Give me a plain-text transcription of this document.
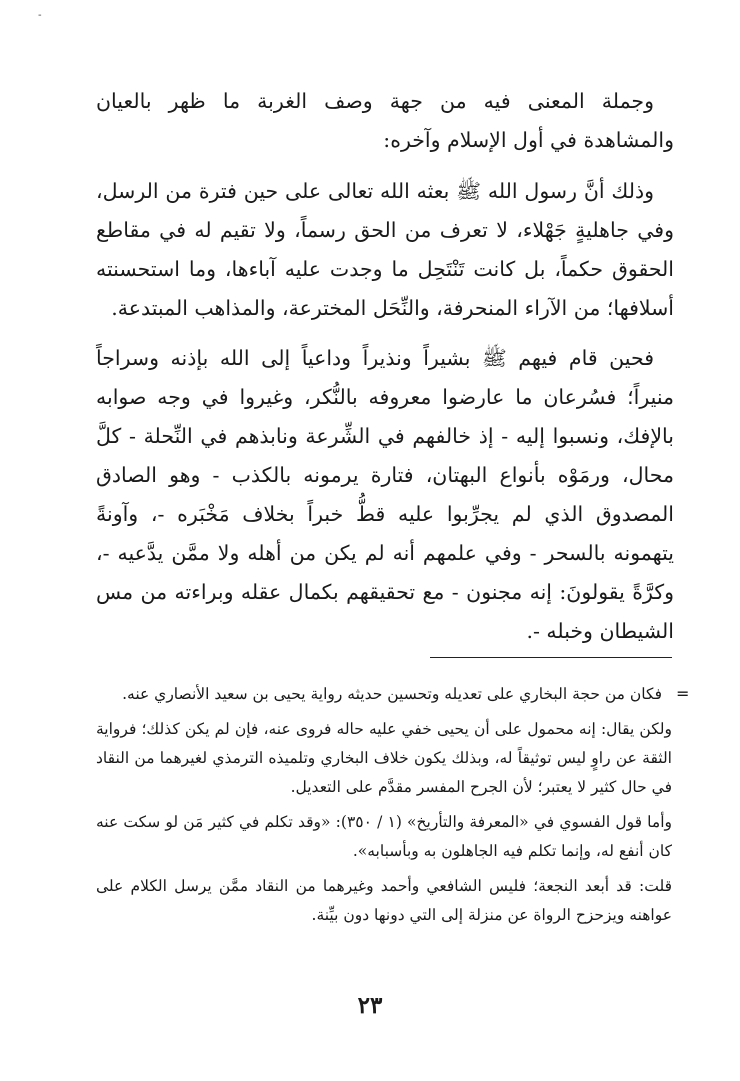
-

وجملة المعنى فيه من جهة وصف الغربة ما ظهر بالعيان والمشاهدة في أول الإسلام وآخره:

وذلك أنَّ رسول الله ﷺ بعثه الله تعالى على حين فترة من الرسل، وفي جاهليةٍ جَهْلاء، لا تعرف من الحق رسماً، ولا تقيم له في مقاطع الحقوق حكماً، بل كانت تَنْتَحِل ما وجدت عليه آباءها، وما استحسنته أسلافها؛ من الآراء المنحرفة، والنِّحَل المخترعة، والمذاهب المبتدعة.

فحين قام فيهم ﷺ بشيراً ونذيراً وداعياً إلى الله بإذنه وسراجاً منيراً؛ فسُرعان ما عارضوا معروفه بالنُّكر، وغيروا في وجه صوابه بالإفك، ونسبوا إليه - إذ خالفهم في الشِّرعة ونابذهم في النِّحلة - كلَّ محال، ورمَوْه بأنواع البهتان، فتارة يرمونه بالكذب - وهو الصادق المصدوق الذي لم يجرِّبوا عليه قطُّ خبراً بخلاف مَخْبَره -، وآونةً يتهمونه بالسحر - وفي علمهم أنه لم يكن من أهله ولا ممَّن يدَّعيه -، وكرَّةً يقولونَ: إنه مجنون - مع تحقيقهم بكمال عقله وبراءته من مس الشيطان وخبله -.

=

فكان من حجة البخاري على تعديله وتحسين حديثه رواية يحيى بن سعيد الأنصاري عنه.

ولكن يقال: إنه محمول على أن يحيى خفي عليه حاله فروى عنه، فإن لم يكن كذلك؛ فرواية الثقة عن راوٍ ليس توثيقاً له، وبذلك يكون خلاف البخاري وتلميذه الترمذي لغيرهما من النقاد في حال كثير لا يعتبر؛ لأن الجرح المفسر مقدَّم على التعديل.

وأما قول الفسوي في «المعرفة والتأريخ» (١ / ٣٥٠): «وقد تكلم في كثير مَن لو سكت عنه كان أنفع له، وإنما تكلم فيه الجاهلون به وبأسبابه».

قلت: قد أبعد النجعة؛ فليس الشافعي وأحمد وغيرهما من النقاد ممَّن يرسل الكلام على عواهنه ويزحزح الرواة عن منزلة إلى التي دونها دون بيِّنة.

٢٣
